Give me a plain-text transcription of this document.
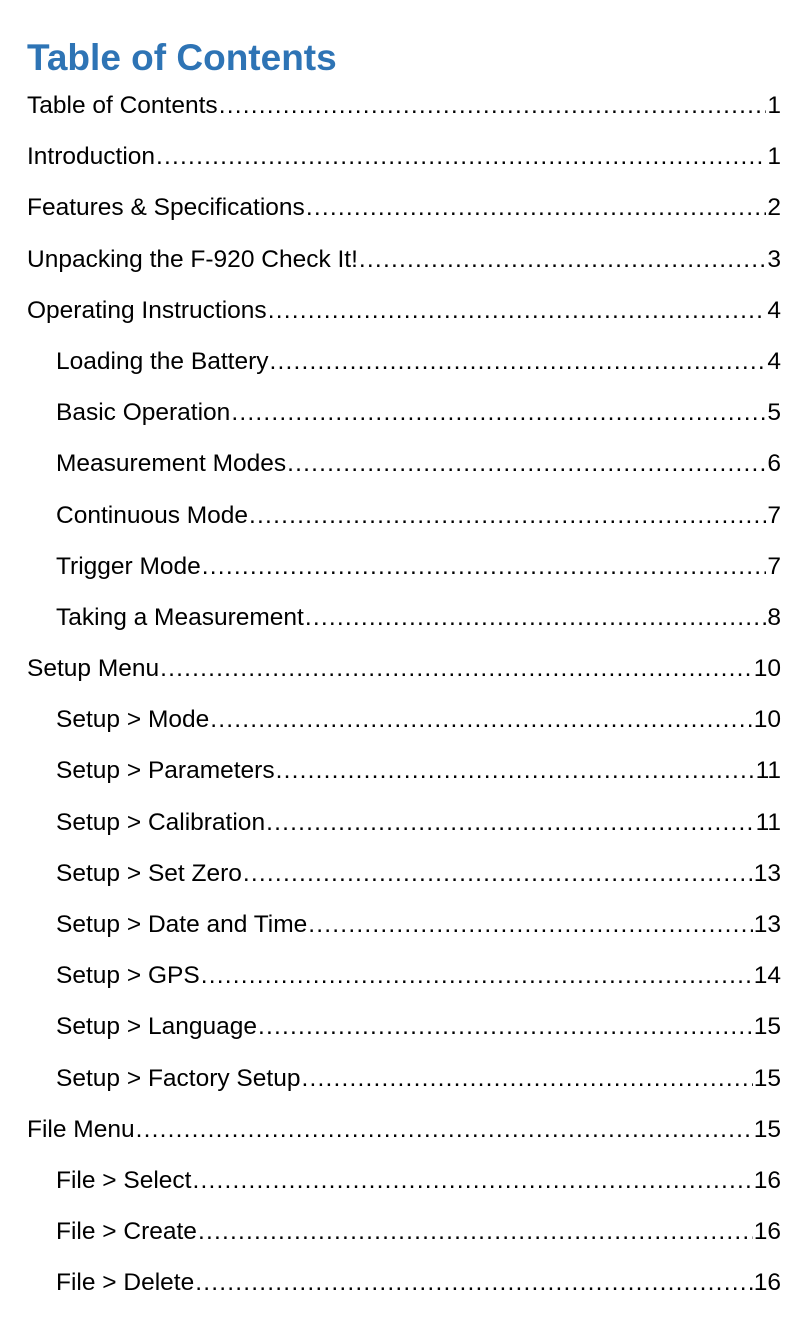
Table of Contents
Table of Contents .....	1
Introduction .....	1
Features & Specifications .....	2
Unpacking the F-920 Check It! .....	3
Operating Instructions .....	4
Loading the Battery .....	4
Basic Operation .....	5
Measurement Modes .....	6
Continuous Mode .....	7
Trigger Mode .....	7
Taking a Measurement .....	8
Setup Menu .....	10
Setup > Mode .....	10
Setup > Parameters .....	11
Setup > Calibration .....	11
Setup > Set Zero .....	13
Setup > Date and Time .....	13
Setup > GPS .....	14
Setup > Language .....	15
Setup > Factory Setup .....	15
File Menu .....	15
File > Select .....	16
File > Create .....	16
File > Delete .....	16
